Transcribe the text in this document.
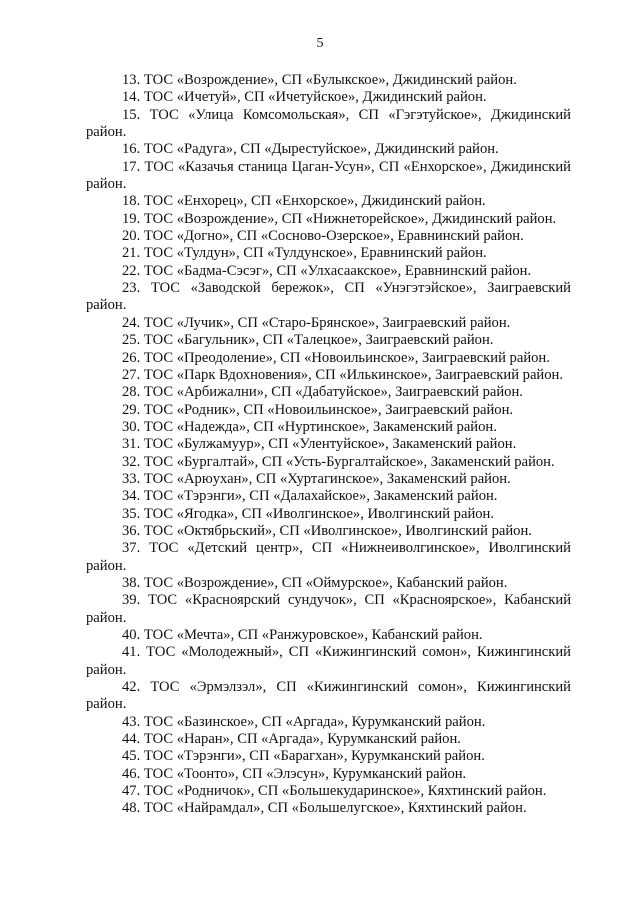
5

13. ТОС «Возрождение», СП «Булыкское», Джидинский район.

14. ТОС «Ичетуй», СП «Ичетуйское», Джидинский район.

15. ТОС «Улица Комсомольская», СП «Гэгэтуйское», Джидинский район.

16. ТОС «Радуга», СП «Дырестуйское», Джидинский район.

17. ТОС «Казачья станица Цаган-Усун», СП «Енхорское», Джидинский район.

18. ТОС «Енхорец», СП «Енхорское», Джидинский район.

19. ТОС «Возрождение», СП «Нижнеторейское», Джидинский район.

20. ТОС «Догно», СП «Сосново-Озерское», Еравнинский район.

21. ТОС «Тулдун», СП «Тулдунское», Еравнинский район.

22. ТОС «Бадма-Сэсэг», СП «Улхасаакское», Еравнинский район.

23. ТОС «Заводской бережок», СП «Унэгэтэйское», Заиграевский район.

24. ТОС «Лучик», СП «Старо-Брянское», Заиграевский район.

25. ТОС «Багульник», СП «Талецкое», Заиграевский район.

26. ТОС «Преодоление», СП «Новоильинское», Заиграевский район.

27. ТОС «Парк Вдохновения», СП «Илькинское», Заиграевский район.

28. ТОС «Арбижални», СП «Дабатуйское», Заиграевский район.

29. ТОС «Родник», СП «Новоильинское», Заиграевский район.

30. ТОС «Надежда», СП «Нуртинское», Закаменский район.

31. ТОС «Булжамуур», СП «Улентуйское», Закаменский район.

32. ТОС «Бургалтай», СП «Усть-Бургалтайское», Закаменский район.

33. ТОС «Арюухан», СП «Хуртагинское», Закаменский район.

34. ТОС «Тэрэнги», СП «Далахайское», Закаменский район.

35. ТОС «Ягодка», СП «Иволгинское», Иволгинский район.

36. ТОС «Октябрьский», СП «Иволгинское», Иволгинский район.

37. ТОС «Детский центр», СП «Нижнеиволгинское», Иволгинский район.

38. ТОС «Возрождение», СП «Оймурское», Кабанский район.

39. ТОС «Красноярский сундучок», СП «Красноярское», Кабанский район.

40. ТОС «Мечта», СП «Ранжуровское», Кабанский район.

41. ТОС «Молодежный», СП «Кижингинский сомон», Кижингинский район.

42. ТОС «Эрмэлзэл», СП «Кижингинский сомон», Кижингинский район.

43. ТОС «Базинское», СП «Аргада», Курумканский район.

44. ТОС «Наран», СП «Аргада», Курумканский район.

45. ТОС «Тэрэнги», СП «Барагхан», Курумканский район.

46. ТОС «Тоонто», СП «Элэсун», Курумканский район.

47. ТОС «Родничок», СП «Большекударинское», Кяхтинский район.

48. ТОС «Найрамдал», СП «Большелугское», Кяхтинский район.
